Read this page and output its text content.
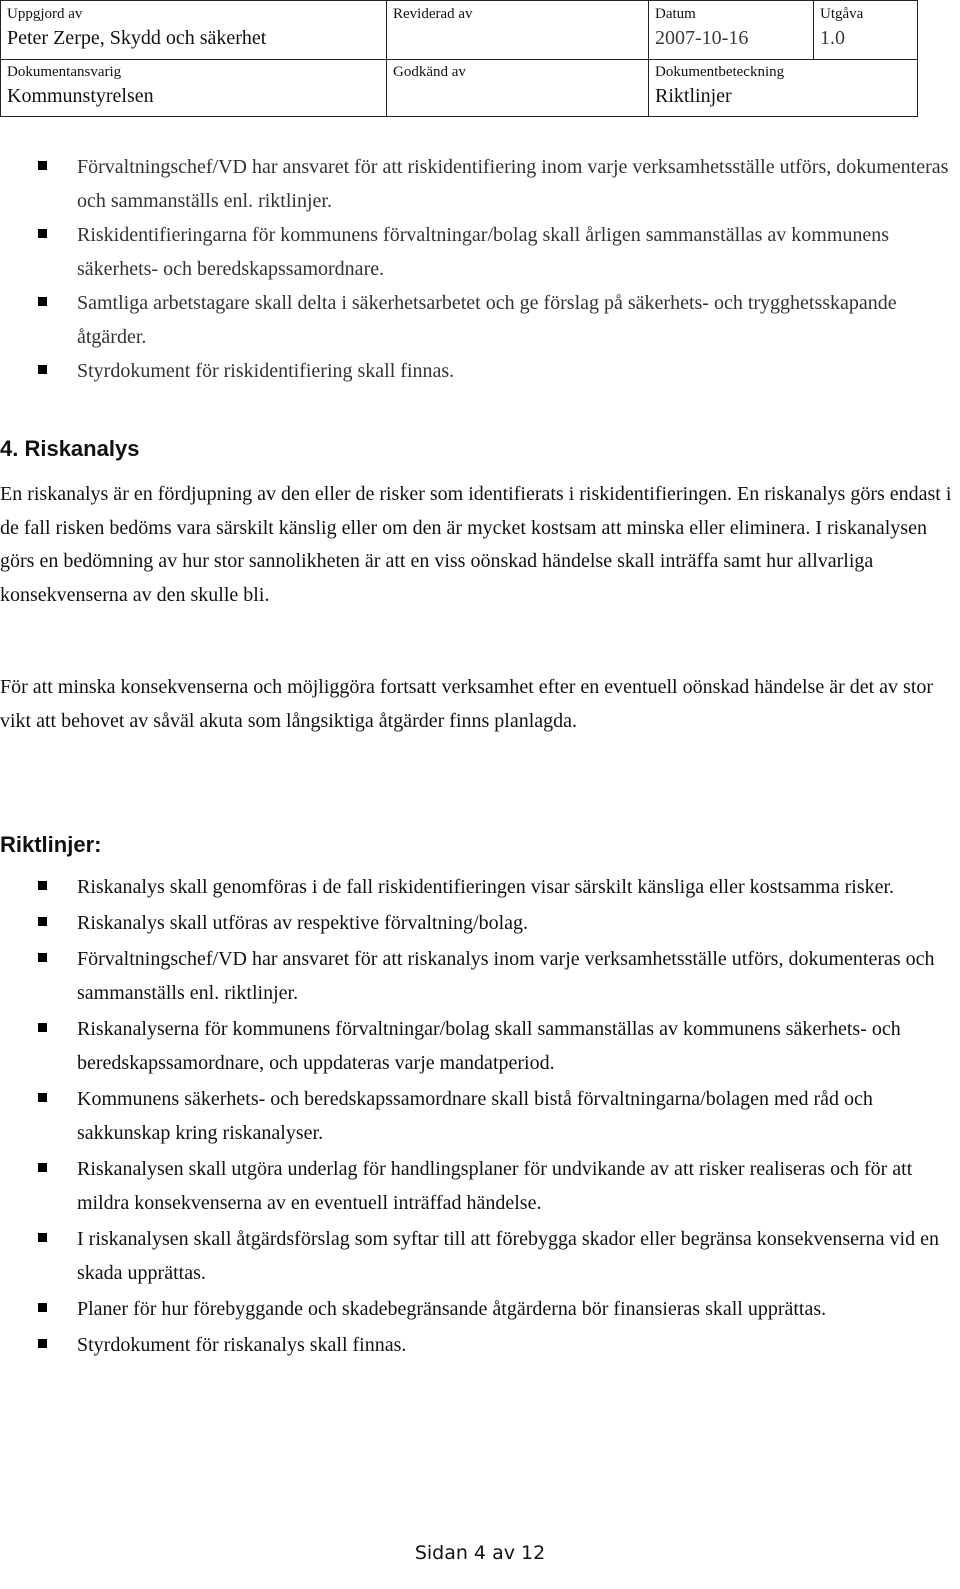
Uppgjord av
Peter Zerpe, Skydd och säkerhet
Reviderad av	Datum
2007-10-16
Utgåva
1.0
Dokumentansvarig
Kommunstyrelsen
Godkänd av	Dokumentbeteckning
Riktlinjer
Förvaltningschef/VD har ansvaret för att riskidentifiering inom varje verksamhetsställe utförs, dokumenteras och sammanställs enl. riktlinjer.
Riskidentifieringarna för kommunens förvaltningar/bolag skall årligen sammanställas av kommunens säkerhets- och beredskapssamordnare.
Samtliga arbetstagare skall delta i säkerhetsarbetet och ge förslag på säkerhets- och trygghetsskapande åtgärder.
Styrdokument för riskidentifiering skall finnas.
4. Riskanalys

En riskanalys är en fördjupning av den eller de risker som identifierats i riskidentifieringen. En riskanalys görs endast i de fall risken bedöms vara särskilt känslig eller om den är mycket kostsam att minska eller eliminera. I riskanalysen görs en bedömning av hur stor sannolikheten är att en viss oönskad händelse skall inträffa samt hur allvarliga konsekvenserna av den skulle bli.

För att minska konsekvenserna och möjliggöra fortsatt verksamhet efter en eventuell oönskad händelse är det av stor vikt att behovet av såväl akuta som långsiktiga åtgärder finns planlagda.

Riktlinjer:
Riskanalys skall genomföras i de fall riskidentifieringen visar särskilt känsliga eller kostsamma risker.
Riskanalys skall utföras av respektive förvaltning/bolag.
Förvaltningschef/VD har ansvaret för att riskanalys inom varje verksamhetsställe utförs, dokumenteras och sammanställs enl. riktlinjer.
Riskanalyserna för kommunens förvaltningar/bolag skall sammanställas av kommunens säkerhets- och beredskapssamordnare, och uppdateras varje mandatperiod.
Kommunens säkerhets- och beredskapssamordnare skall bistå förvaltningarna/bolagen med råd och sakkunskap kring riskanalyser.
Riskanalysen skall utgöra underlag för handlingsplaner för undvikande av att risker realiseras och för att mildra konsekvenserna av en eventuell inträffad händelse.
I riskanalysen skall åtgärdsförslag som syftar till att förebygga skador eller begränsa konsekvenserna vid en skada upprättas.
Planer för hur förebyggande och skadebegränsande åtgärderna bör finansieras skall upprättas.
Styrdokument för riskanalys skall finnas.
Sidan 4 av 12
